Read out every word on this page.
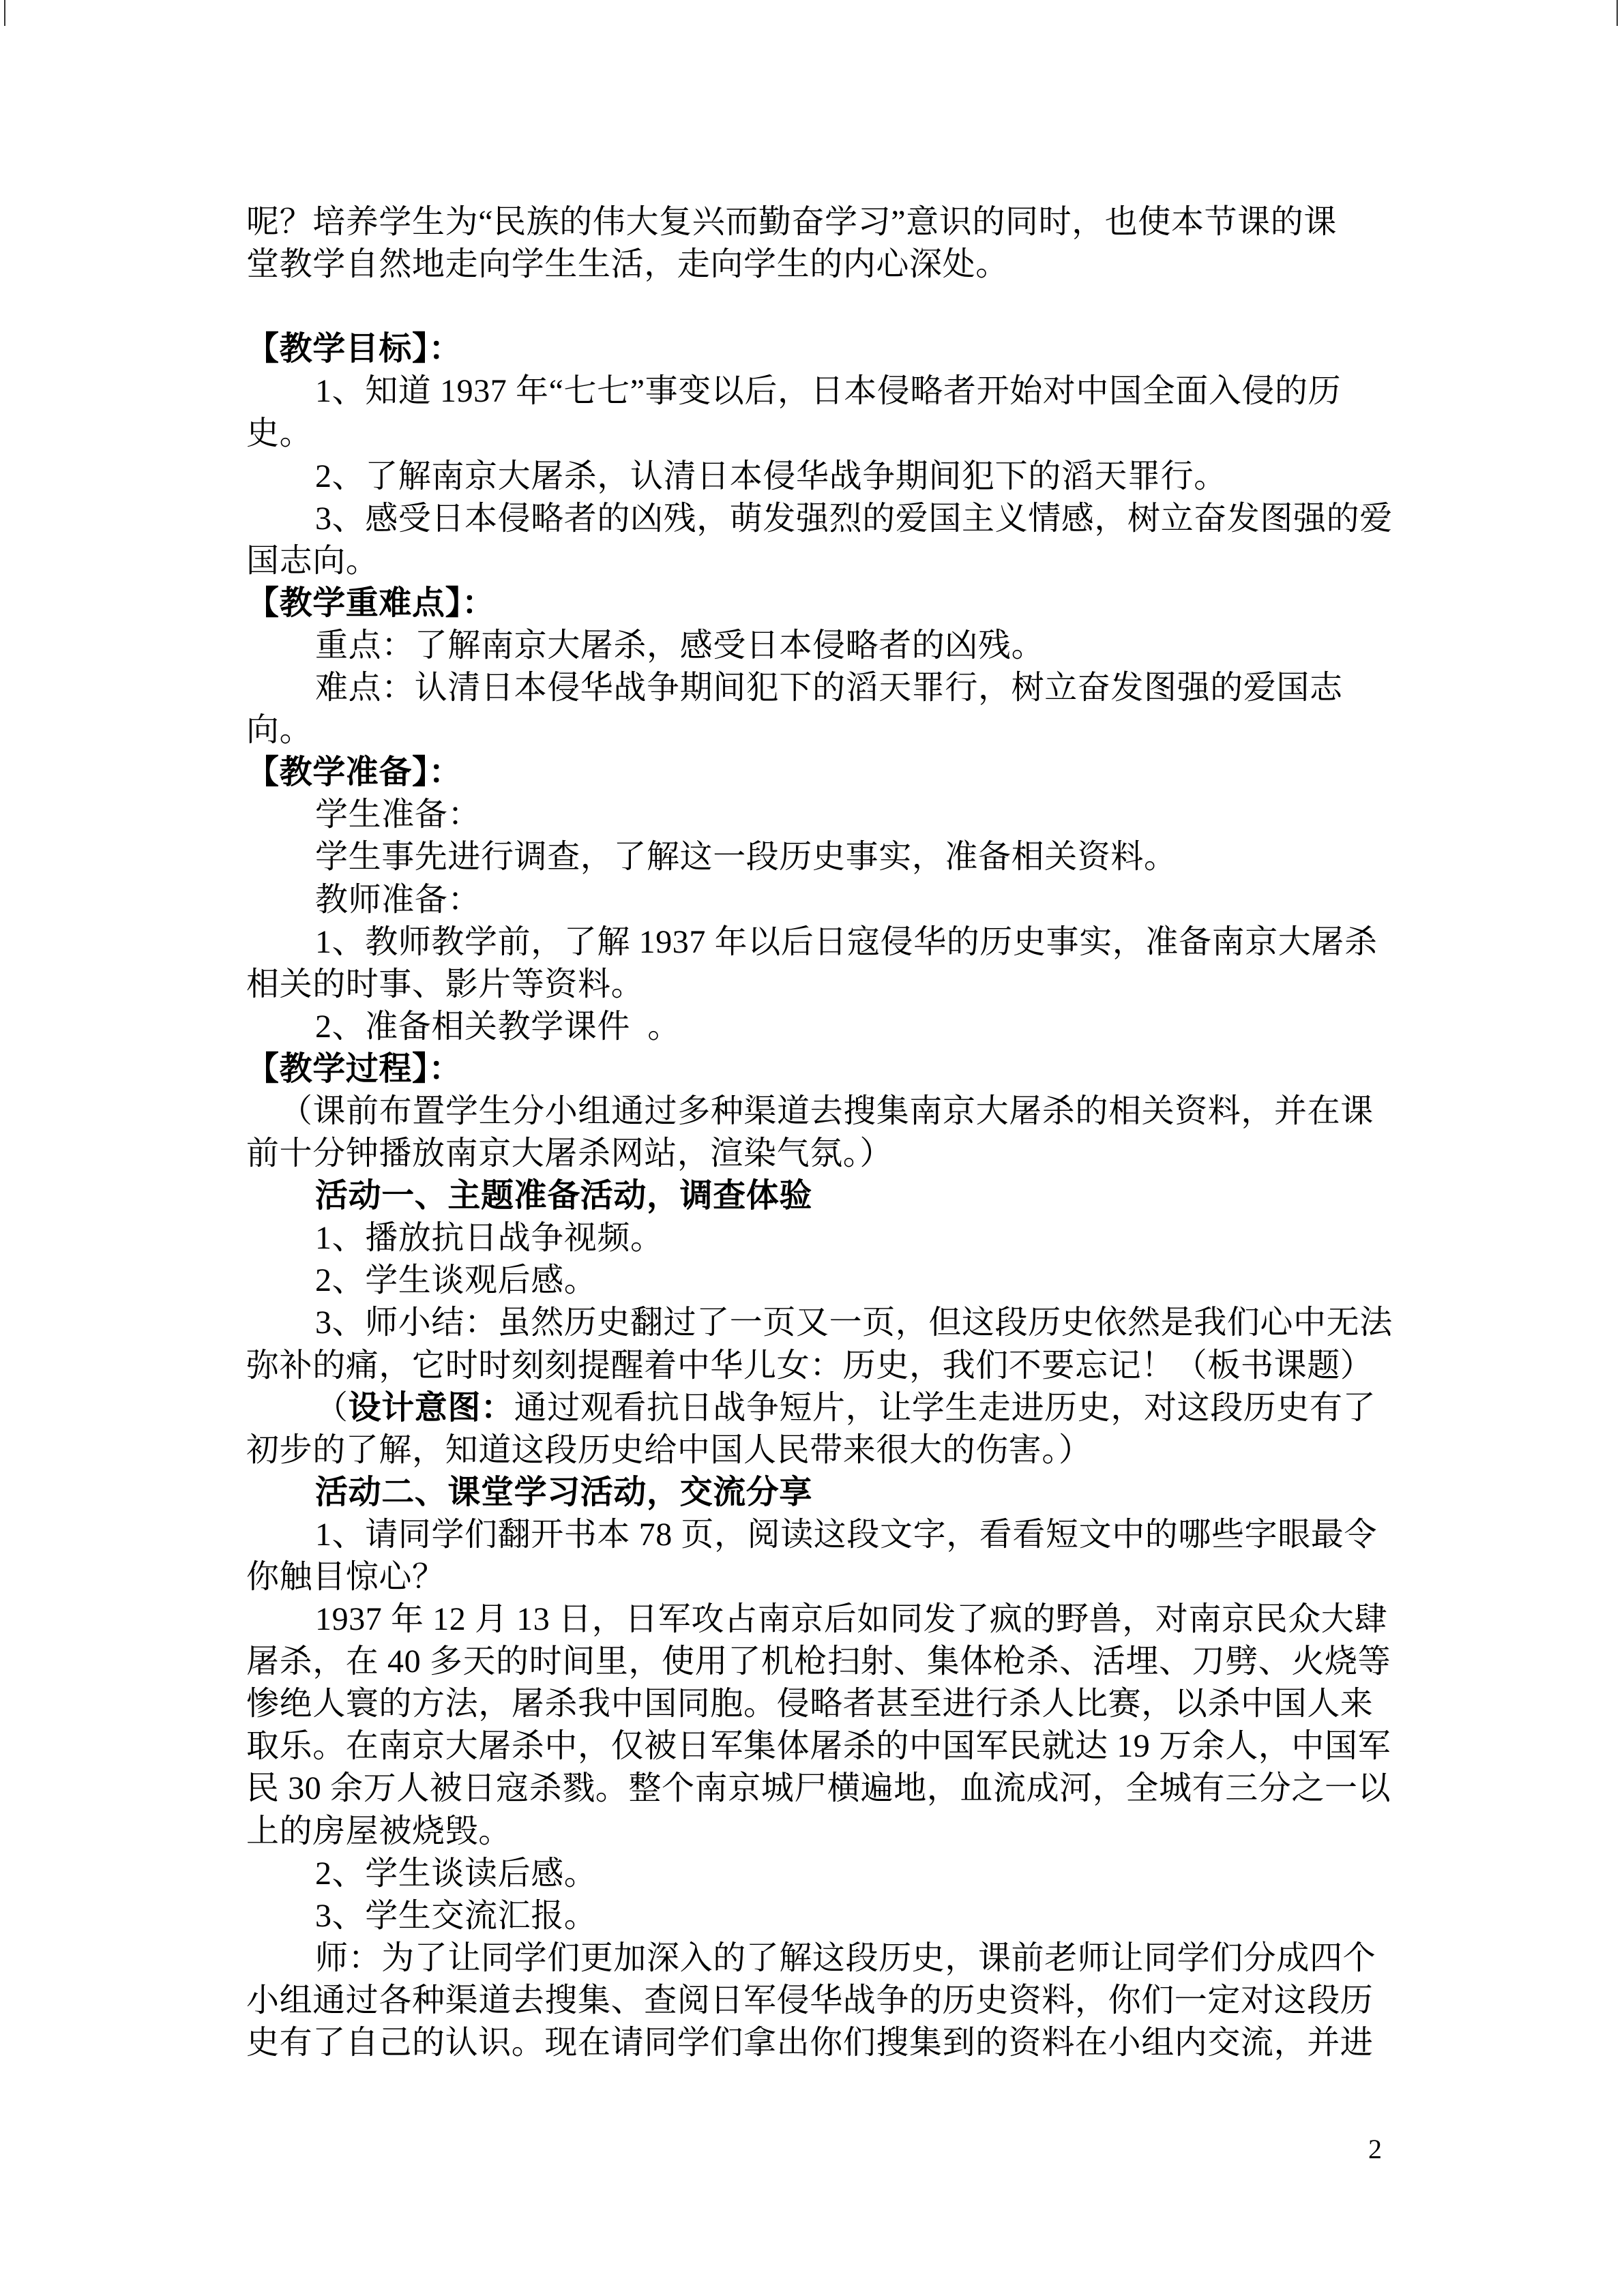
呢？培养学生为“民族的伟大复兴而勤奋学习”意识的同时，也使本节课的课
堂教学自然地走向学生生活，走向学生的内心深处。
【教学目标】：
1、知道 1937 年“七七”事变以后，日本侵略者开始对中国全面入侵的历
史。
2、了解南京大屠杀，认清日本侵华战争期间犯下的滔天罪行。
3、感受日本侵略者的凶残，萌发强烈的爱国主义情感，树立奋发图强的爱
国志向。
【教学重难点】：
重点：了解南京大屠杀，感受日本侵略者的凶残。
难点：认清日本侵华战争期间犯下的滔天罪行，树立奋发图强的爱国志
向。
【教学准备】：
学生准备：
学生事先进行调查，了解这一段历史事实，准备相关资料。
教师准备：
1、教师教学前，了解 1937 年以后日寇侵华的历史事实，准备南京大屠杀
相关的时事、影片等资料。
2、准备相关教学课件  。
【教学过程】：
（课前布置学生分小组通过多种渠道去搜集南京大屠杀的相关资料，并在课
前十分钟播放南京大屠杀网站，渲染气氛。）
活动一、主题准备活动，调查体验
1、播放抗日战争视频。
2、学生谈观后感。
3、师小结：虽然历史翻过了一页又一页，但这段历史依然是我们心中无法
弥补的痛，它时时刻刻提醒着中华儿女：历史，我们不要忘记！（板书课题）
（设计意图：通过观看抗日战争短片，让学生走进历史，对这段历史有了
初步的了解，知道这段历史给中国人民带来很大的伤害。）
活动二、课堂学习活动，交流分享
1、请同学们翻开书本 78 页，阅读这段文字，看看短文中的哪些字眼最令
你触目惊心？
1937 年 12 月 13 日，日军攻占南京后如同发了疯的野兽，对南京民众大肆
屠杀，在 40 多天的时间里，使用了机枪扫射、集体枪杀、活埋、刀劈、火烧等
惨绝人寰的方法，屠杀我中国同胞。侵略者甚至进行杀人比赛，以杀中国人来
取乐。在南京大屠杀中，仅被日军集体屠杀的中国军民就达 19 万余人，中国军
民 30 余万人被日寇杀戮。整个南京城尸横遍地，血流成河，全城有三分之一以
上的房屋被烧毁。
2、学生谈读后感。
3、学生交流汇报。
师：为了让同学们更加深入的了解这段历史，课前老师让同学们分成四个
小组通过各种渠道去搜集、查阅日军侵华战争的历史资料，你们一定对这段历
史有了自己的认识。现在请同学们拿出你们搜集到的资料在小组内交流，并进
2
